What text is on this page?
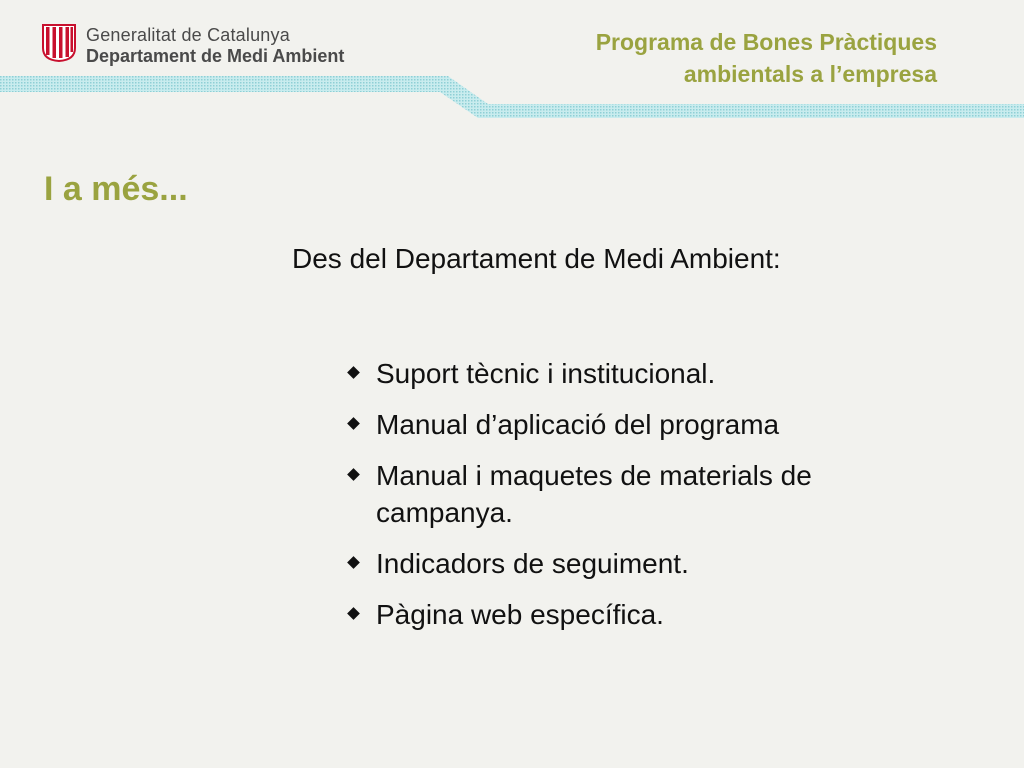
Generalitat de Catalunya
Departament de Medi Ambient
Programa de Bones Pràctiques
ambientals a l’empresa
I a més...

Des del Departament de Medi Ambient:

Suport tècnic i institucional.
Manual d’aplicació del programa
Manual i maquetes de materials de campanya.
Indicadors de seguiment.
Pàgina web específica.
